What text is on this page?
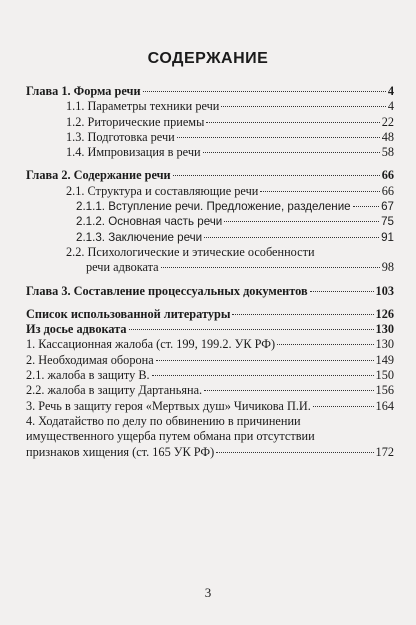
СОДЕРЖАНИЕ
Глава 1. Форма речи	4
1.1. Параметры техники речи	4
1.2. Риторические приемы	22
1.3. Подготовка речи	48
1.4. Импровизация в речи	58
Глава 2. Содержание речи	66
2.1. Структура и составляющие речи	66
2.1.1. Вступление речи. Предложение, разделение	67
2.1.2. Основная часть речи	75
2.1.3. Заключение речи	91
2.2. Психологические и этические особенности
речи адвоката	98
Глава 3. Составление процессуальных документов	103
Список использованной литературы	126
Из досье адвоката	130
1. Кассационная жалоба (ст. 199, 199.2. УК РФ)	130
2. Необходимая оборона	149
2.1. жалоба в защиту В.	150
2.2. жалоба в защиту Дартаньяна.	156
3. Речь в защиту героя «Мертвых душ» Чичикова П.И.	164
4. Ходатайство по делу по обвинению в причинении
имущественного ущерба путем обмана при отсутствии
признаков хищения (ст. 165 УК РФ)	172
3
